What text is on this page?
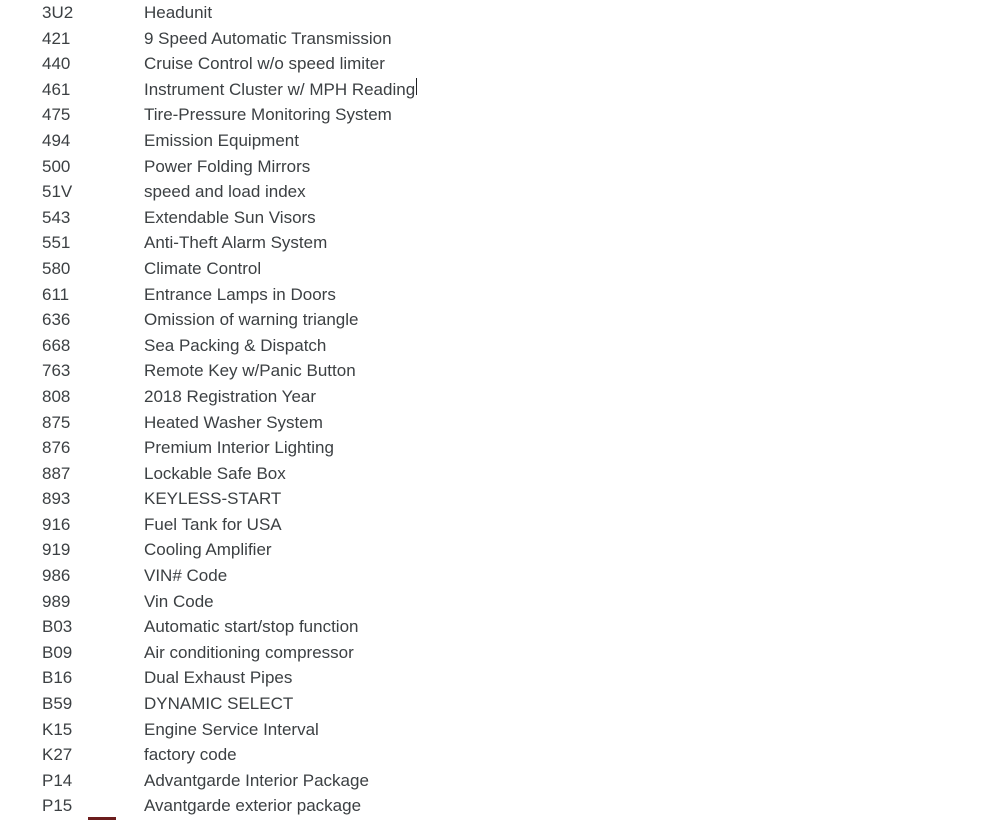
3U2	Headunit
421	9 Speed Automatic Transmission
440	Cruise Control w/o speed limiter
461	Instrument Cluster w/ MPH Reading
475	Tire-Pressure Monitoring System
494	Emission Equipment
500	Power Folding Mirrors
51V	speed and load index
543	Extendable Sun Visors
551	Anti-Theft Alarm System
580	Climate Control
611	Entrance Lamps in Doors
636	Omission of warning triangle
668	Sea Packing & Dispatch
763	Remote Key w/Panic Button
808	2018 Registration Year
875	Heated Washer System
876	Premium Interior Lighting
887	Lockable Safe Box
893	KEYLESS-START
916	Fuel Tank for USA
919	Cooling Amplifier
986	VIN# Code
989	Vin Code
B03	Automatic start/stop function
B09	Air conditioning compressor
B16	Dual Exhaust Pipes
B59	DYNAMIC SELECT
K15	Engine Service Interval
K27	factory code
P14	Advantgarde Interior Package
P15	Avantgarde exterior package
